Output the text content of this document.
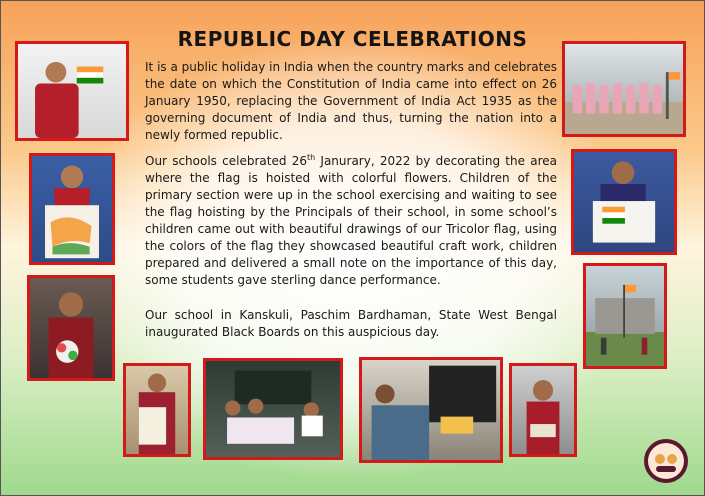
REPUBLIC DAY CELEBRATIONS

It is a public holiday in India when the country marks and celebrates the date on which the Constitution of India came into effect on 26 January 1950, replacing the Government of India Act 1935 as the governing document of India and thus, turning the nation into a newly formed republic.

Our schools celebrated 26th Janurary, 2022 by decorating the area where the flag is hoisted with colorful flowers. Children of the primary section were up in the school exercising and waiting to see the flag hoisting by the Principals of their school, in some school’s children came out with beautiful drawings of our Tricolor flag, using the colors of the flag they showcased beautiful craft work, children prepared and delivered a small note on the importance of this day, some students gave sterling dance performance.

Our school in Kanskuli, Paschim Bardhaman, State West Bengal inaugurated Black Boards on this auspicious day.
